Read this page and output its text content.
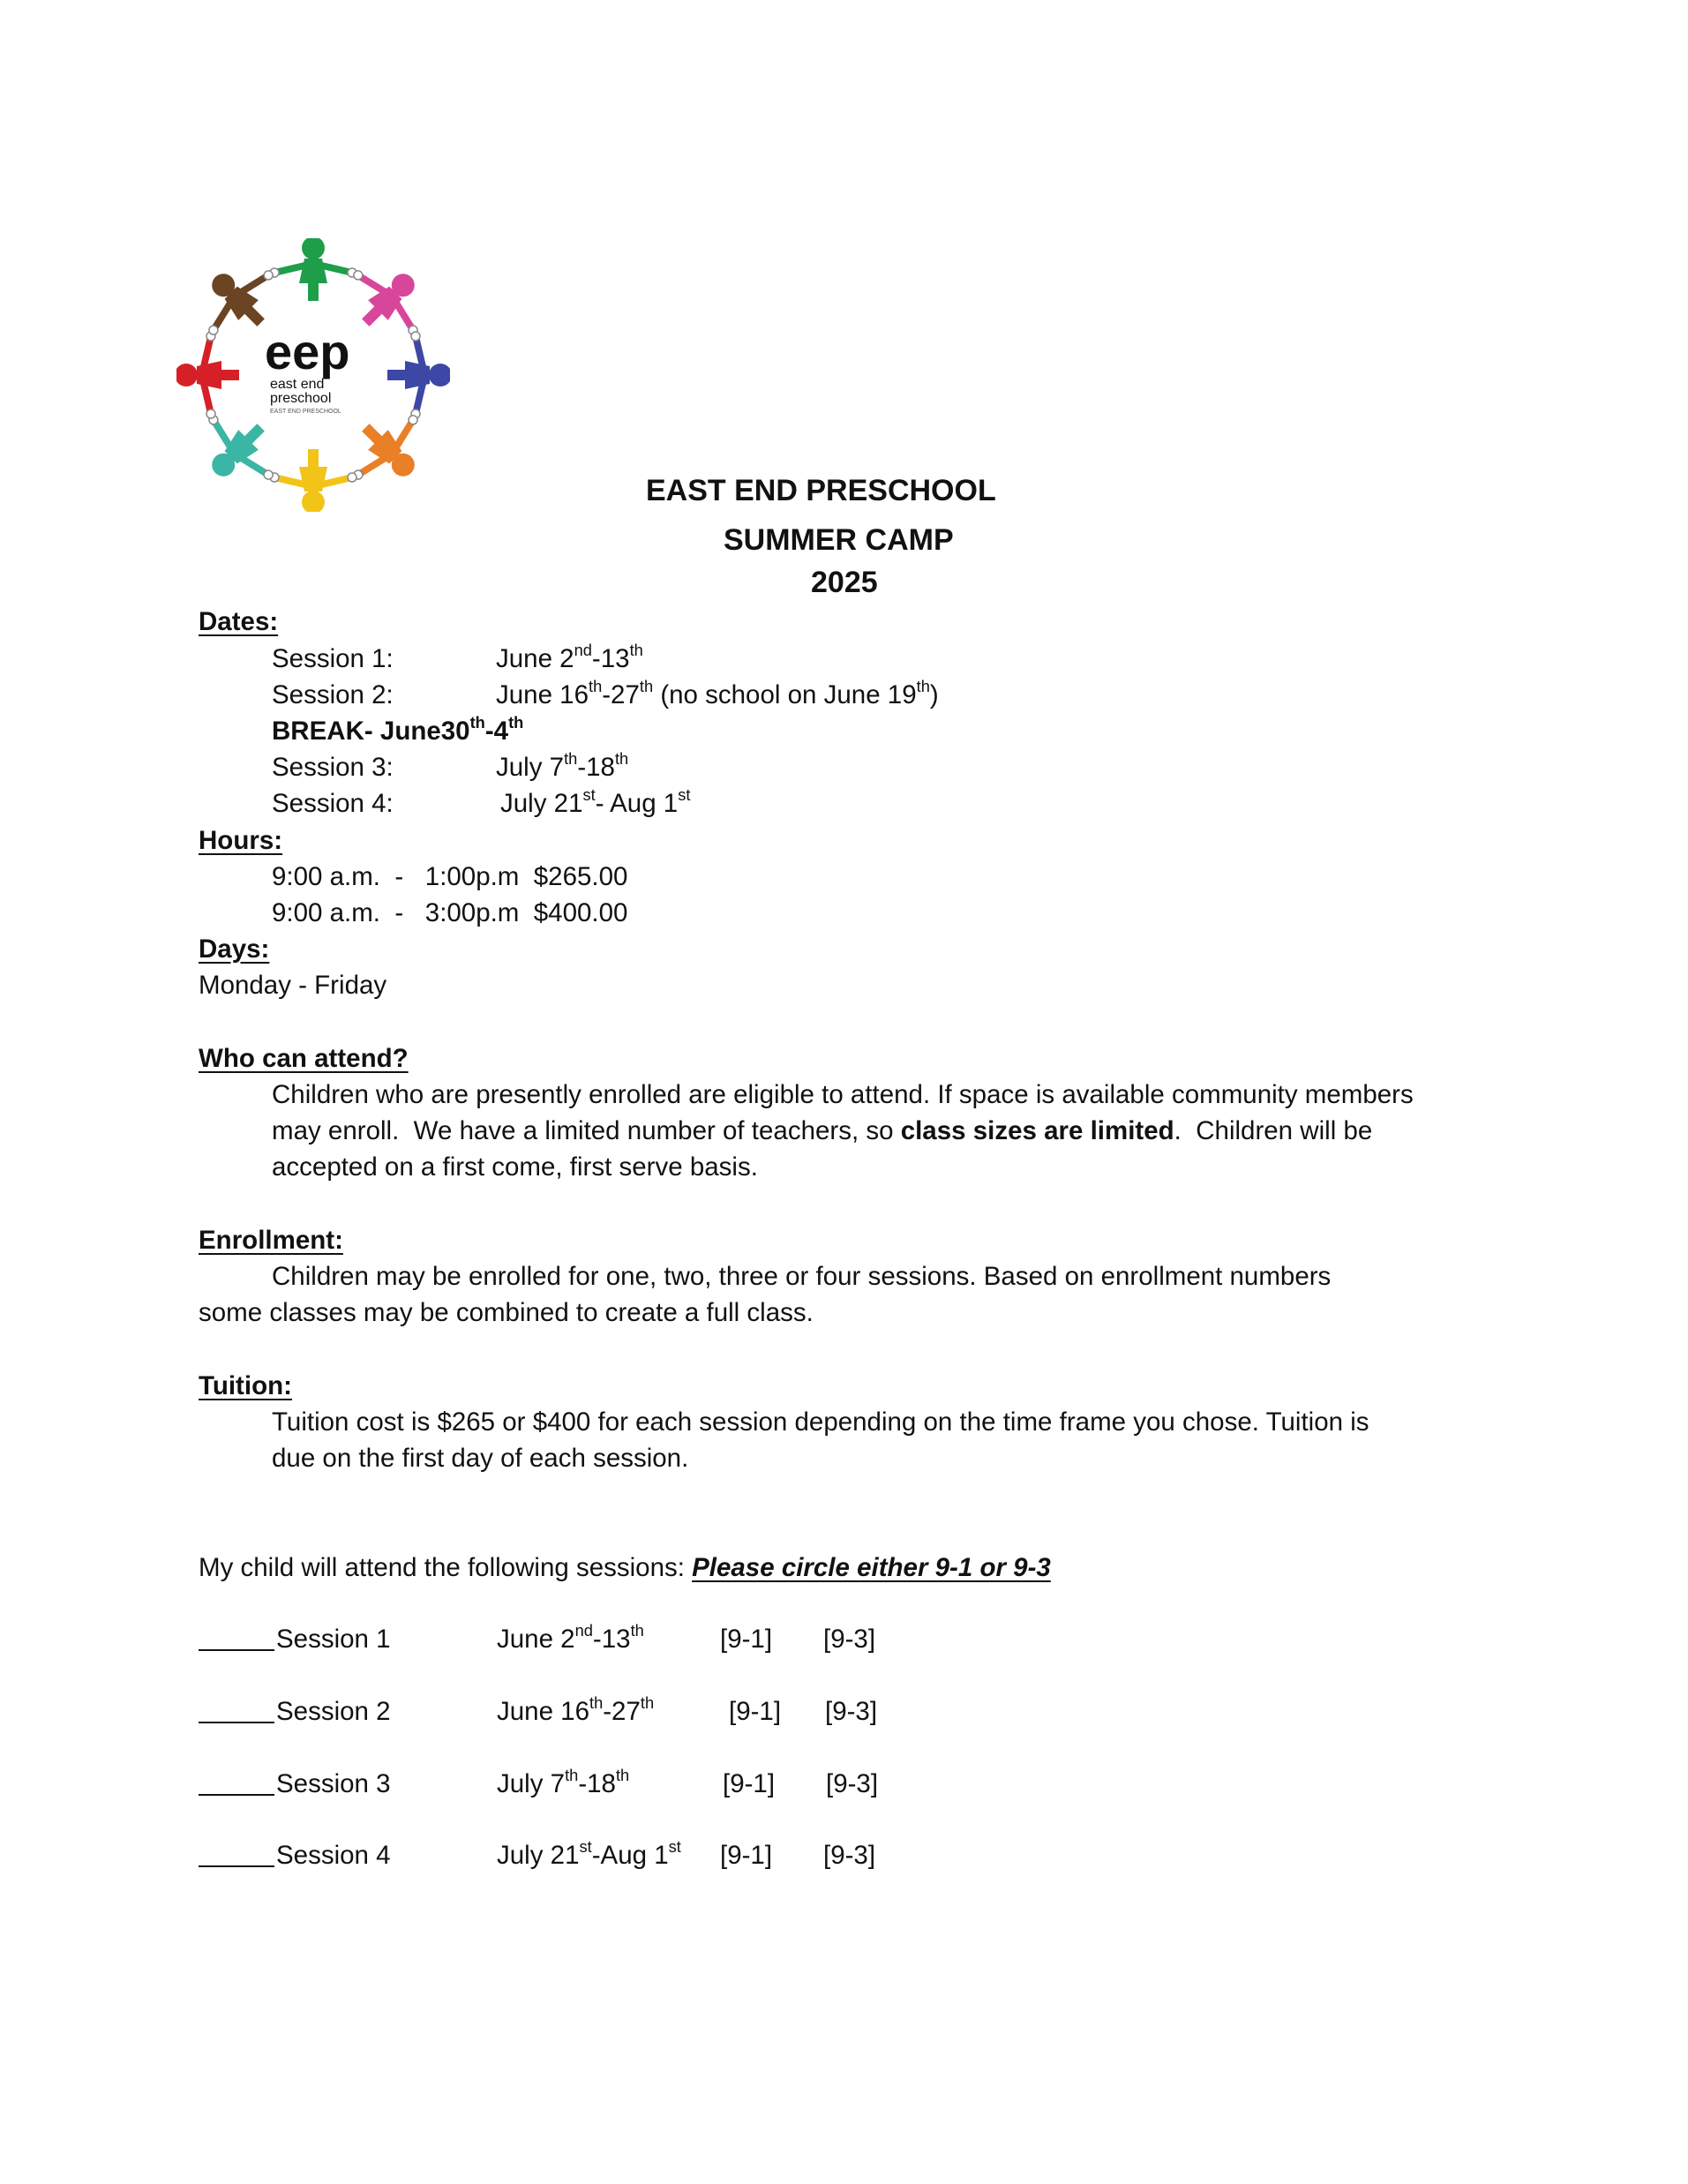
eep
east end
preschool
EAST END PRESCHOOL
EAST END PRESCHOOL
SUMMER CAMP
2025
Dates:
Session 1:	June 2nd-13th
Session 2:	June 16th-27th (no school on June 19th)
BREAK- June30th-4th
Session 3:	July 7th-18th
Session 4:	July 21st- Aug 1st
Hours:
9:00 a.m.  -   1:00p.m  $265.00
9:00 a.m.  -   3:00p.m  $400.00
Days:
Monday - Friday
Who can attend?
Children who are presently enrolled are eligible to attend. If space is available community members
may enroll.  We have a limited number of teachers, so class sizes are limited.  Children will be
accepted on a first come, first serve basis.
Enrollment:
Children may be enrolled for one, two, three or four sessions. Based on enrollment numbers
some classes may be combined to create a full class.
Tuition:
Tuition cost is $265 or $400 for each session depending on the time frame you chose. Tuition is
due on the first day of each session.
My child will attend the following sessions: Please circle either 9-1 or 9-3
Session 1	June 2nd-13th	[9-1] [9-3]
Session 2	June 16th-27th	[9-1] [9-3]
Session 3	July 7th-18th	[9-1] [9-3]
Session 4	July 21st-Aug 1st [9-1] [9-3]
